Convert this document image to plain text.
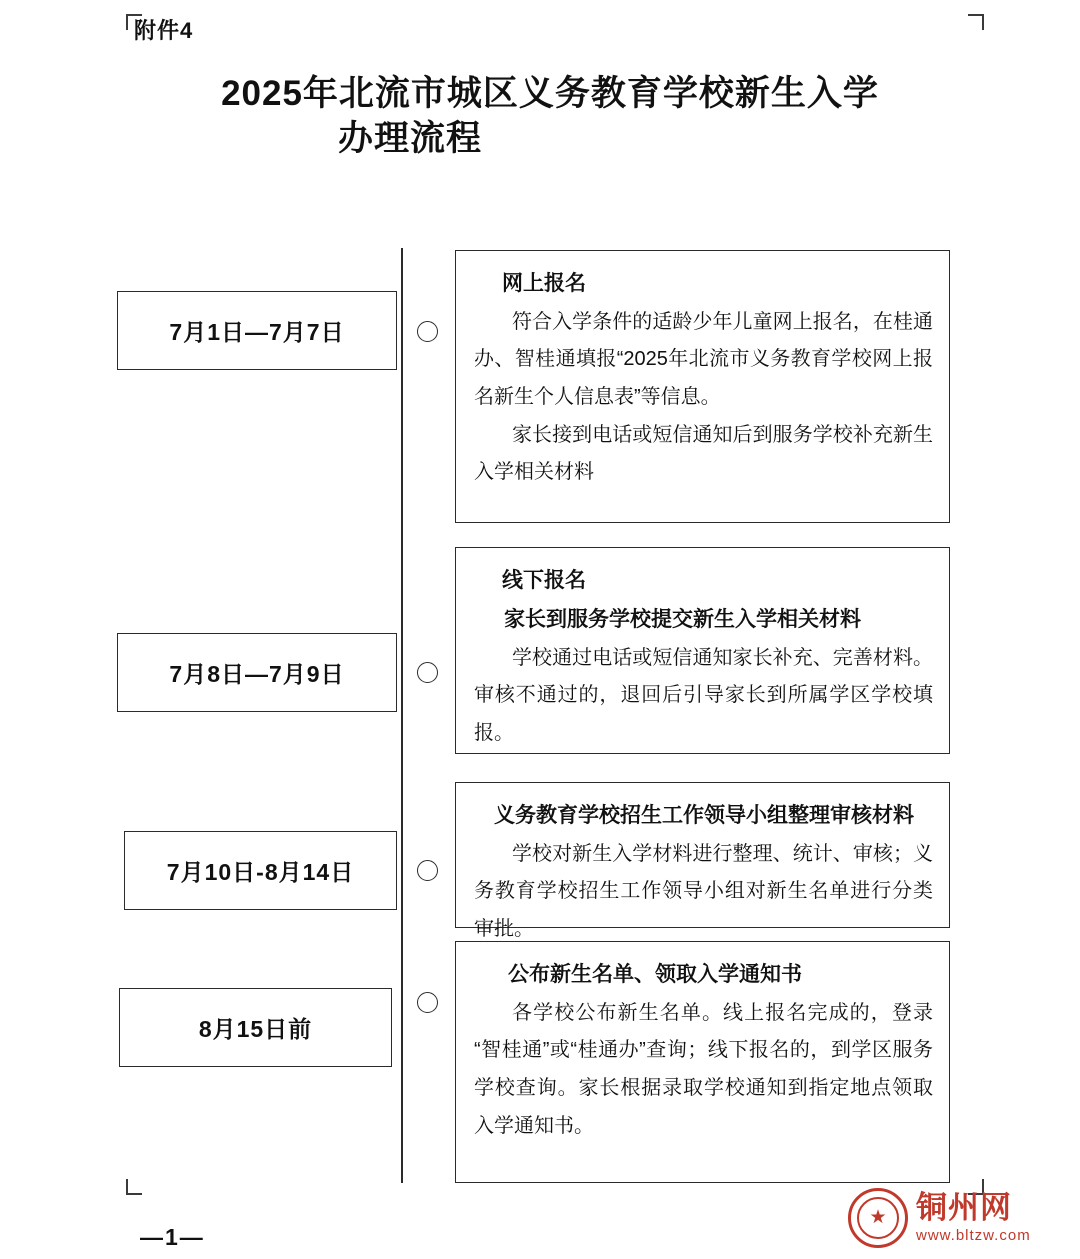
附件4
2025年北流市城区义务教育学校新生入学
办理流程
7月1日—7月7日

网上报名

符合入学条件的适龄少年儿童网上报名，在桂通办、智桂通填报“2025年北流市义务教育学校网上报名新生个人信息表”等信息。

家长接到电话或短信通知后到服务学校补充新生入学相关材料

7月8日—7月9日

线下报名

家长到服务学校提交新生入学相关材料

学校通过电话或短信通知家长补充、完善材料。审核不通过的，退回后引导家长到所属学区学校填报。

7月10日-8月14日

义务教育学校招生工作领导小组整理审核材料

学校对新生入学材料进行整理、统计、审核；义务教育学校招生工作领导小组对新生名单进行分类审批。

8月15日前

公布新生名单、领取入学通知书

各学校公布新生名单。线上报名完成的，登录“智桂通”或“桂通办”查询；线下报名的，到学区服务学校查询。家长根据录取学校通知到指定地点领取入学通知书。

—1—
★
铜州网
www.bltzw.com
